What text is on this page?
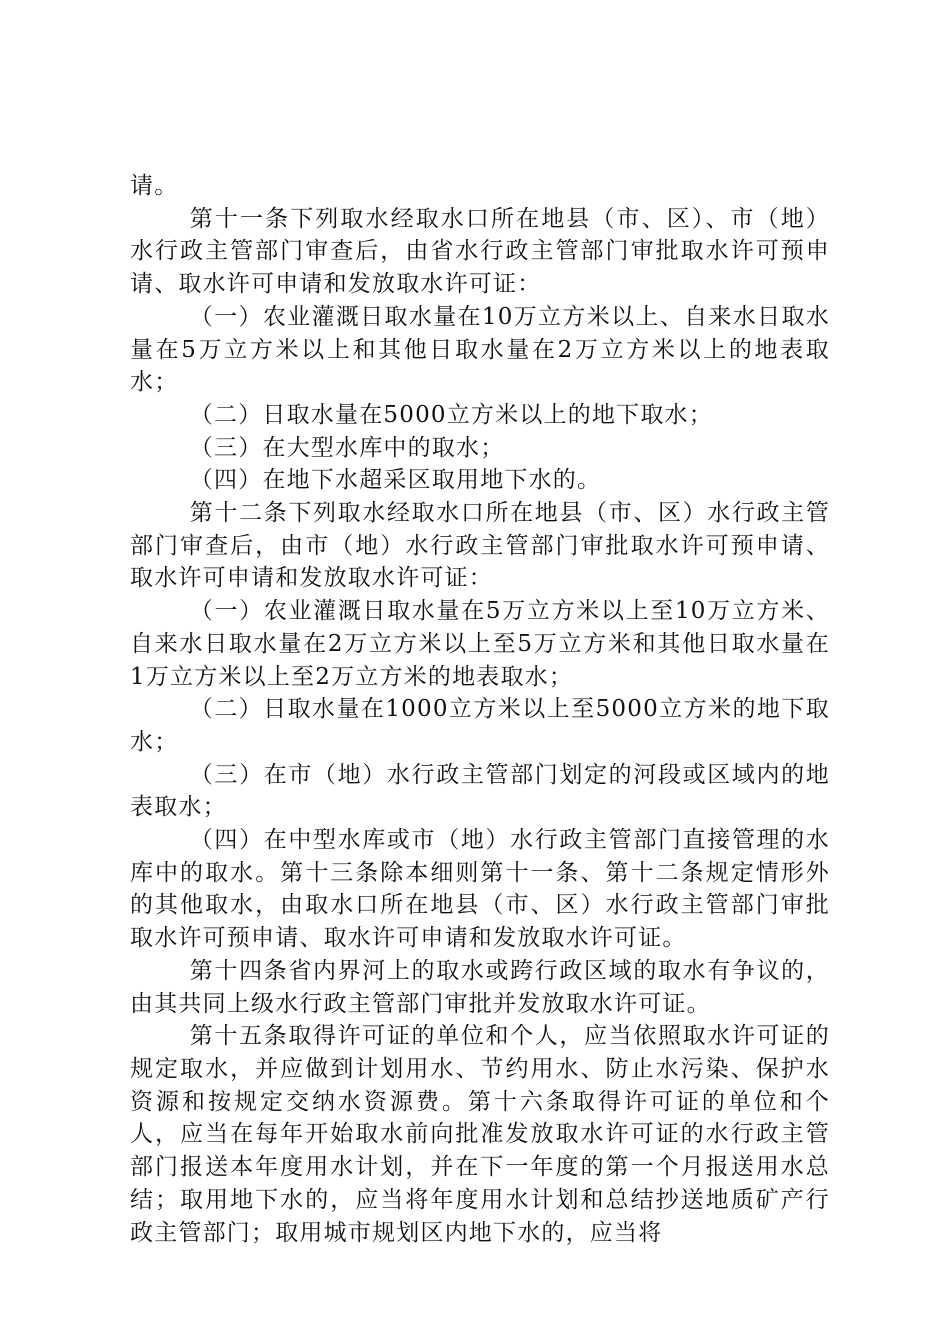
请。

第十一条下列取水经取水口所在地县（市、区）、市（地）水行政主管部门审查后，由省水行政主管部门审批取水许可预申请、取水许可申请和发放取水许可证：

（一）农业灌溉日取水量在10万立方米以上、自来水日取水量在5万立方米以上和其他日取水量在2万立方米以上的地表取水；

（二）日取水量在5000立方米以上的地下取水；

（三）在大型水库中的取水；

（四）在地下水超采区取用地下水的。

第十二条下列取水经取水口所在地县（市、区）水行政主管部门审查后，由市（地）水行政主管部门审批取水许可预申请、取水许可申请和发放取水许可证：

（一）农业灌溉日取水量在5万立方米以上至10万立方米、自来水日取水量在2万立方米以上至5万立方米和其他日取水量在1万立方米以上至2万立方米的地表取水；

（二）日取水量在1000立方米以上至5000立方米的地下取水；

（三）在市（地）水行政主管部门划定的河段或区域内的地表取水；

（四）在中型水库或市（地）水行政主管部门直接管理的水库中的取水。第十三条除本细则第十一条、第十二条规定情形外的其他取水，由取水口所在地县（市、区）水行政主管部门审批取水许可预申请、取水许可申请和发放取水许可证。

第十四条省内界河上的取水或跨行政区域的取水有争议的，由其共同上级水行政主管部门审批并发放取水许可证。

第十五条取得许可证的单位和个人，应当依照取水许可证的规定取水，并应做到计划用水、节约用水、防止水污染、保护水资源和按规定交纳水资源费。第十六条取得许可证的单位和个人，应当在每年开始取水前向批准发放取水许可证的水行政主管部门报送本年度用水计划，并在下一年度的第一个月报送用水总结；取用地下水的，应当将年度用水计划和总结抄送地质矿产行政主管部门；取用城市规划区内地下水的，应当将
